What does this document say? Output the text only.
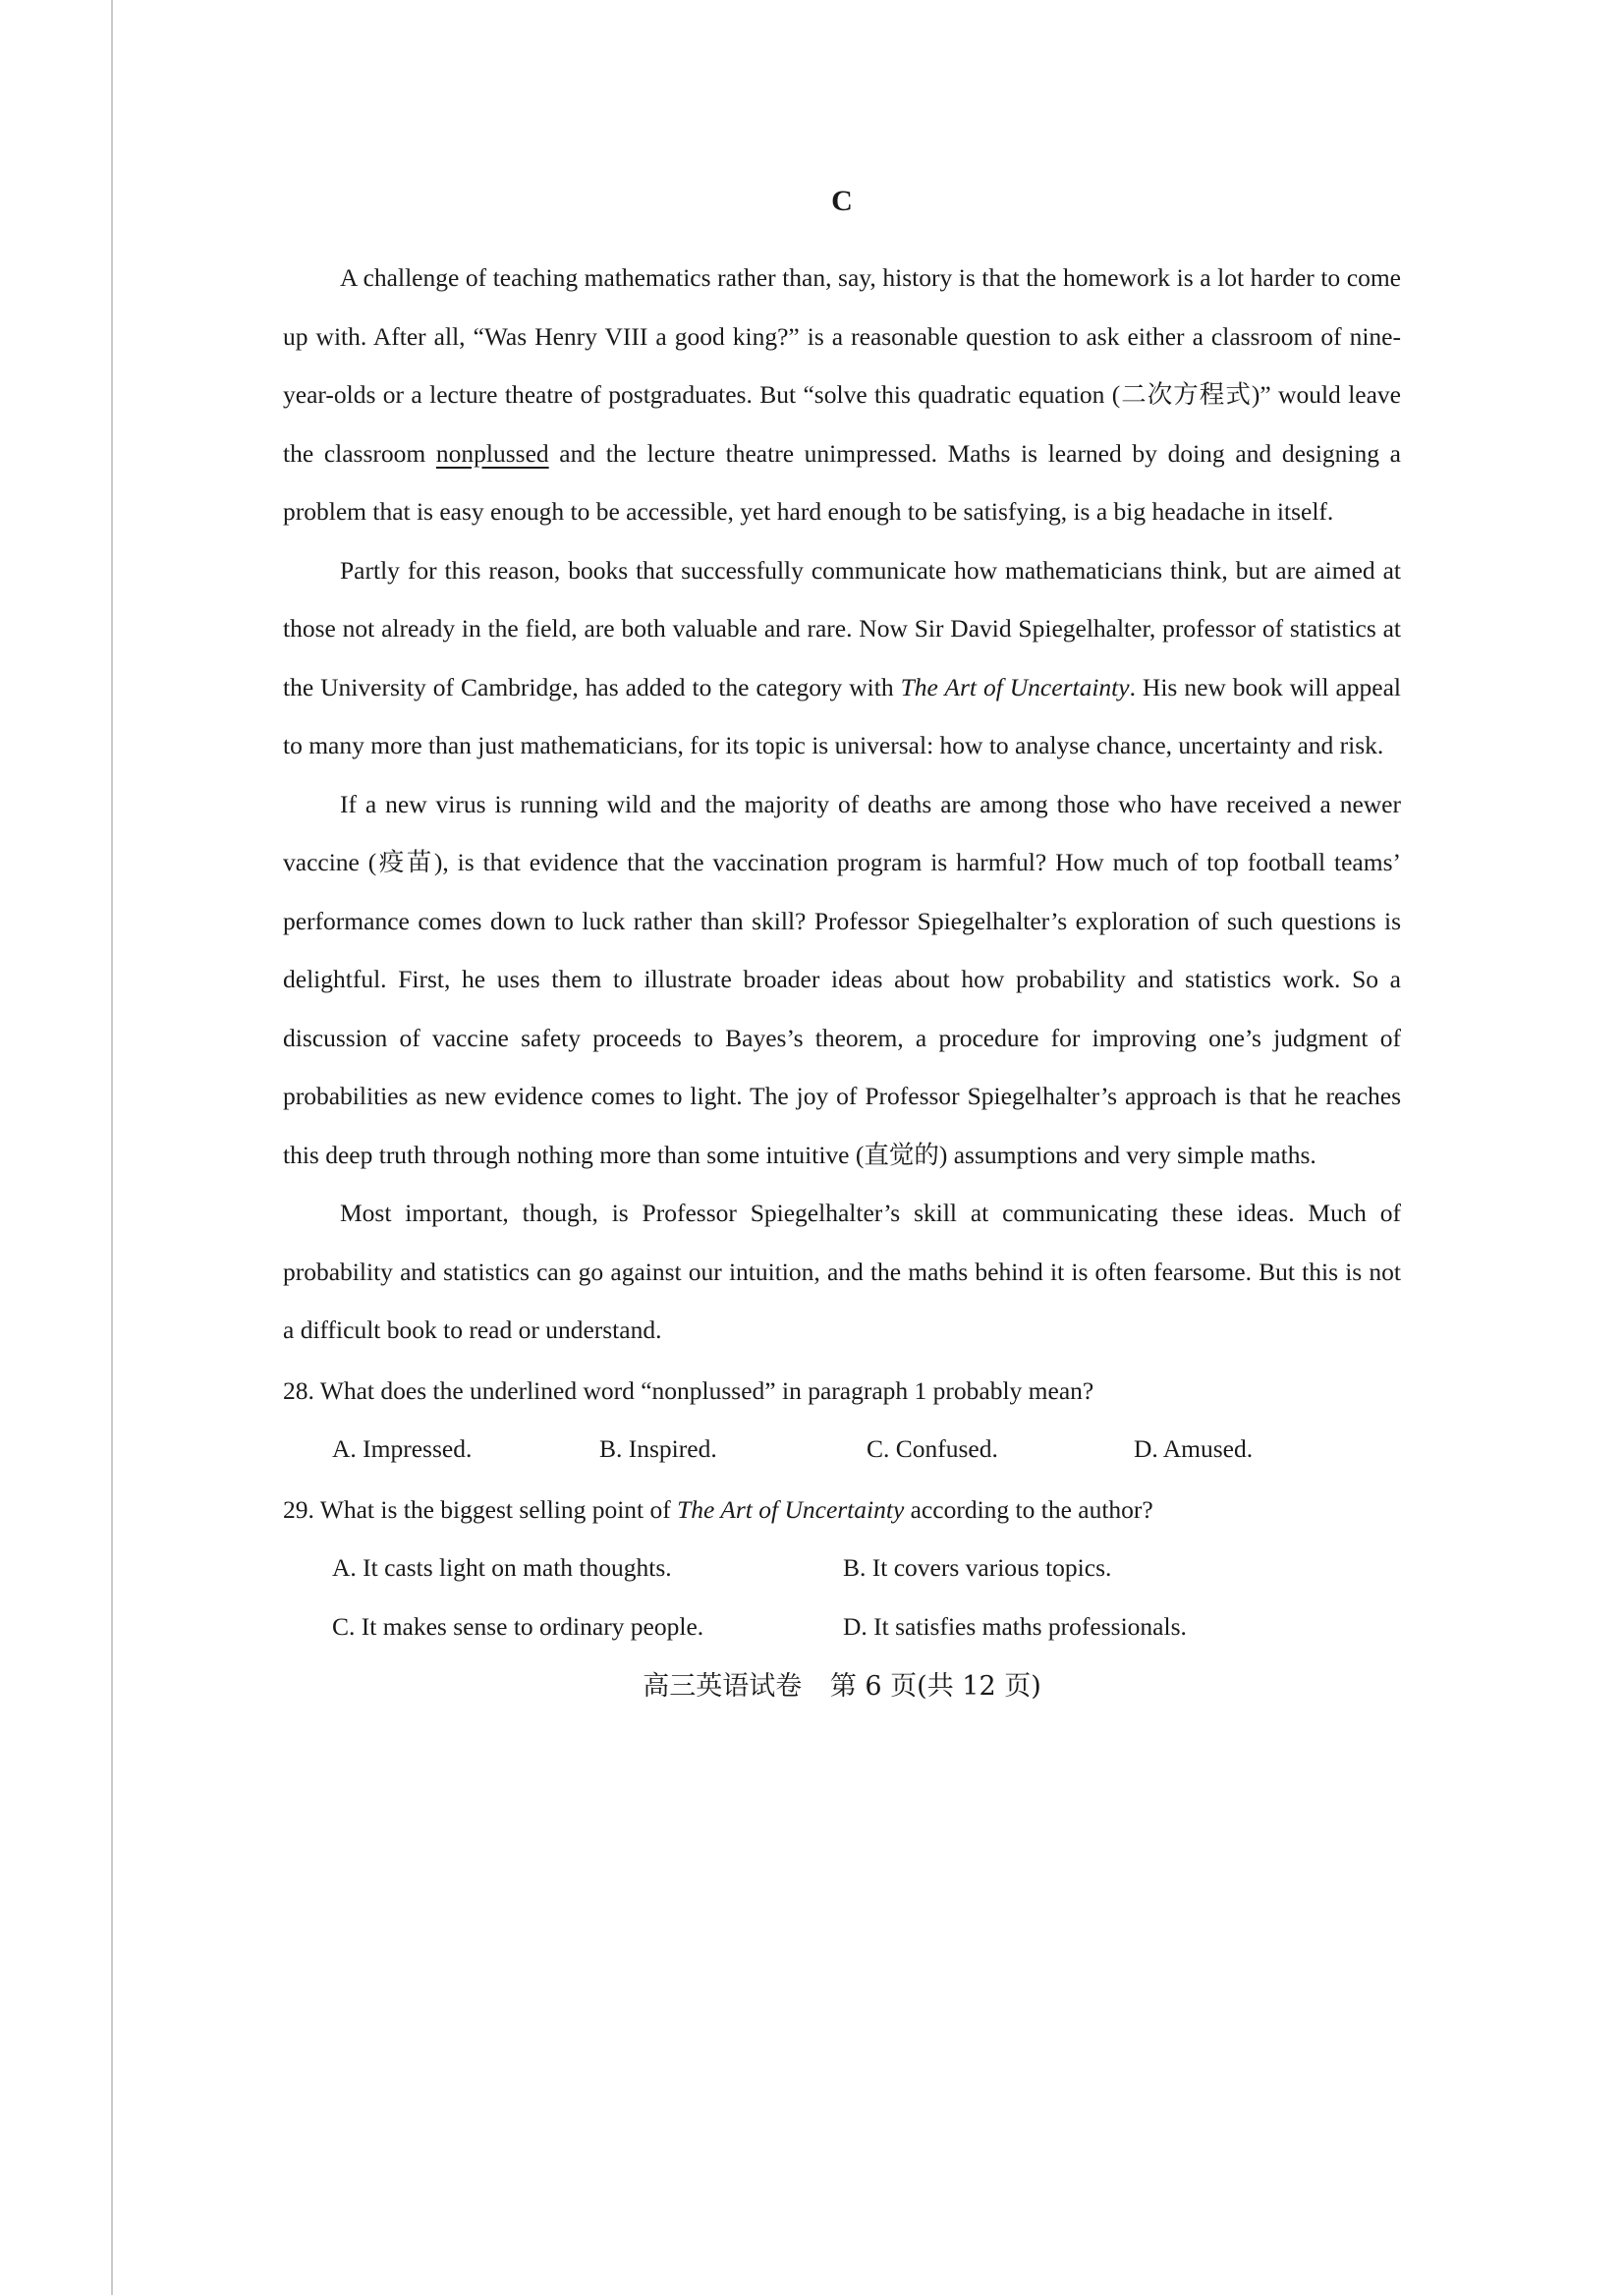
C

A challenge of teaching mathematics rather than, say, history is that the homework is a lot harder to come up with. After all, “Was Henry VIII a good king?” is a reasonable question to ask either a classroom of nine-year-olds or a lecture theatre of postgraduates. But “solve this quadratic equation (二次方程式)” would leave the classroom nonplussed and the lecture theatre unimpressed. Maths is learned by doing and designing a problem that is easy enough to be accessible, yet hard enough to be satisfying, is a big headache in itself.

Partly for this reason, books that successfully communicate how mathematicians think, but are aimed at those not already in the field, are both valuable and rare. Now Sir David Spiegelhalter, professor of statistics at the University of Cambridge, has added to the category with The Art of Uncertainty. His new book will appeal to many more than just mathematicians, for its topic is universal: how to analyse chance, uncertainty and risk.

If a new virus is running wild and the majority of deaths are among those who have received a newer vaccine (疫苗), is that evidence that the vaccination program is harmful? How much of top football teams’ performance comes down to luck rather than skill? Professor Spiegelhalter’s exploration of such questions is delightful. First, he uses them to illustrate broader ideas about how probability and statistics work. So a discussion of vaccine safety proceeds to Bayes’s theorem, a procedure for improving one’s judgment of probabilities as new evidence comes to light. The joy of Professor Spiegelhalter’s approach is that he reaches this deep truth through nothing more than some intuitive (直觉的) assumptions and very simple maths.

Most important, though, is Professor Spiegelhalter’s skill at communicating these ideas. Much of probability and statistics can go against our intuition, and the maths behind it is often fearsome. But this is not a difficult book to read or understand.

28. What does the underlined word “nonplussed” in paragraph 1 probably mean?

A. Impressed.	B. Inspired.	C. Confused.	D. Amused.

29. What is the biggest selling point of The Art of Uncertainty according to the author?

A. It casts light on math thoughts.	B. It covers various topics.
C. It makes sense to ordinary people.	D. It satisfies maths professionals.
高三英语试卷 第 6 页(共 12 页)
